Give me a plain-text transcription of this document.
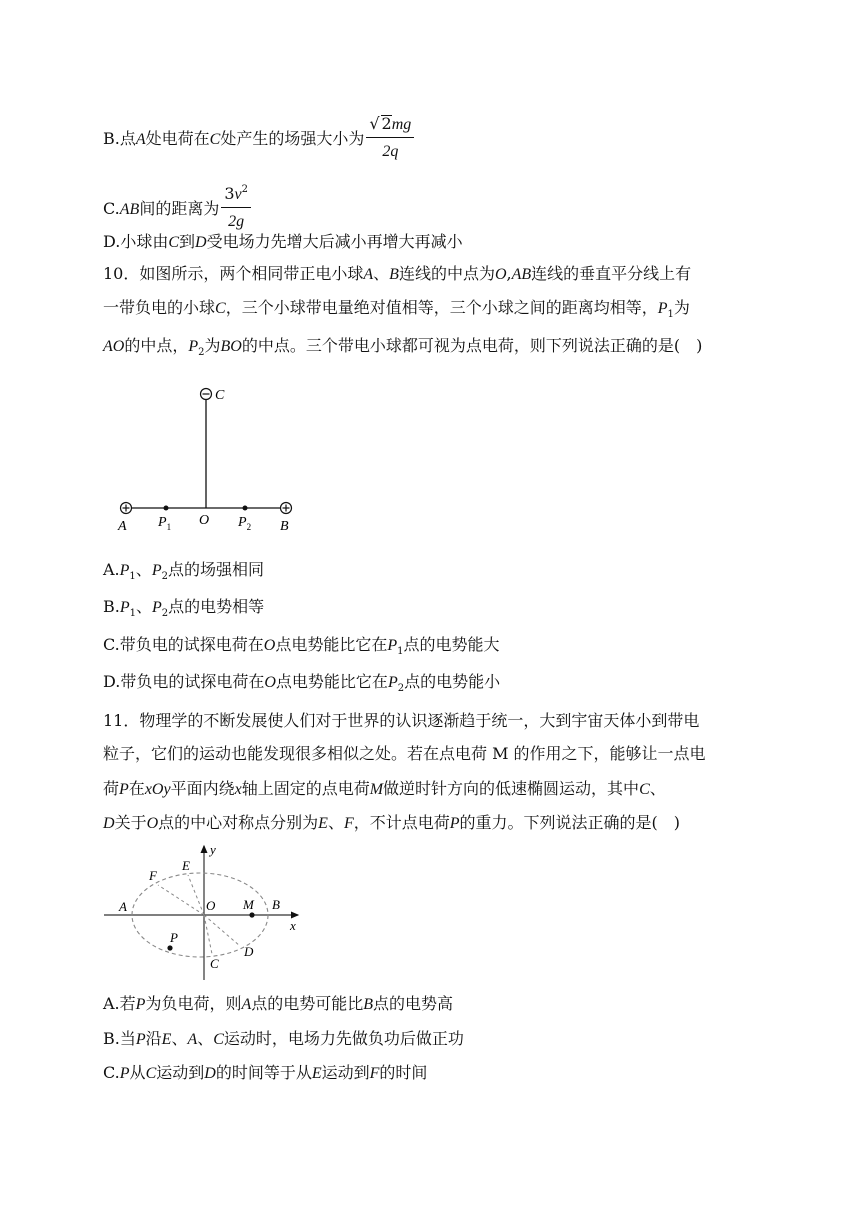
B.点A处电荷在C处产生的场强大小为 $\frac{√ 2mg}{2q}$
C.AB间的距离为 $\frac{3v^2}{2g}$
D.小球由C到D受电场力先增大后减小再增大再减小
10．如图所示，两个相同带正电小球A、B连线的中点为O,AB连线的垂直平分线上有
一带负电的小球C，三个小球带电量绝对值相等，三个小球之间的距离均相等，$P_1$为
AO的中点，$P_2$为BO的中点。三个带电小球都可视为点电荷，则下列说法正确的是(　)
C
A $P_1$ O $P_2$ B
$A.P_1$、$P_2$点的场强相同
$B.P_1$、$P_2$点的电势相等
C.带负电的试探电荷在O点电势能比它在$P_1$点的电势能大
D.带负电的试探电荷在O点电势能比它在$P_2$点的电势能小
11．物理学的不断发展使人们对于世界的认识逐渐趋于统一，大到宇宙天体小到带电
粒子，它们的运动也能发现很多相似之处。若在点电荷 M 的作用之下，能够让一点电
荷P在xOy平面内绕x轴上固定的点电荷M做逆时针方向的低速椭圆运动，其中C、
D关于O点的中心对称点分别为E、F，不计点电荷P的重力。下列说法正确的是(　)
y
x
O
A	B
M
E
F
P
C
D
A.若P为负电荷，则A点的电势可能比B点的电势高
B.当P沿E、A、C运动时，电场力先做负功后做正功
C.P从C运动到D的时间等于从E运动到F的时间
